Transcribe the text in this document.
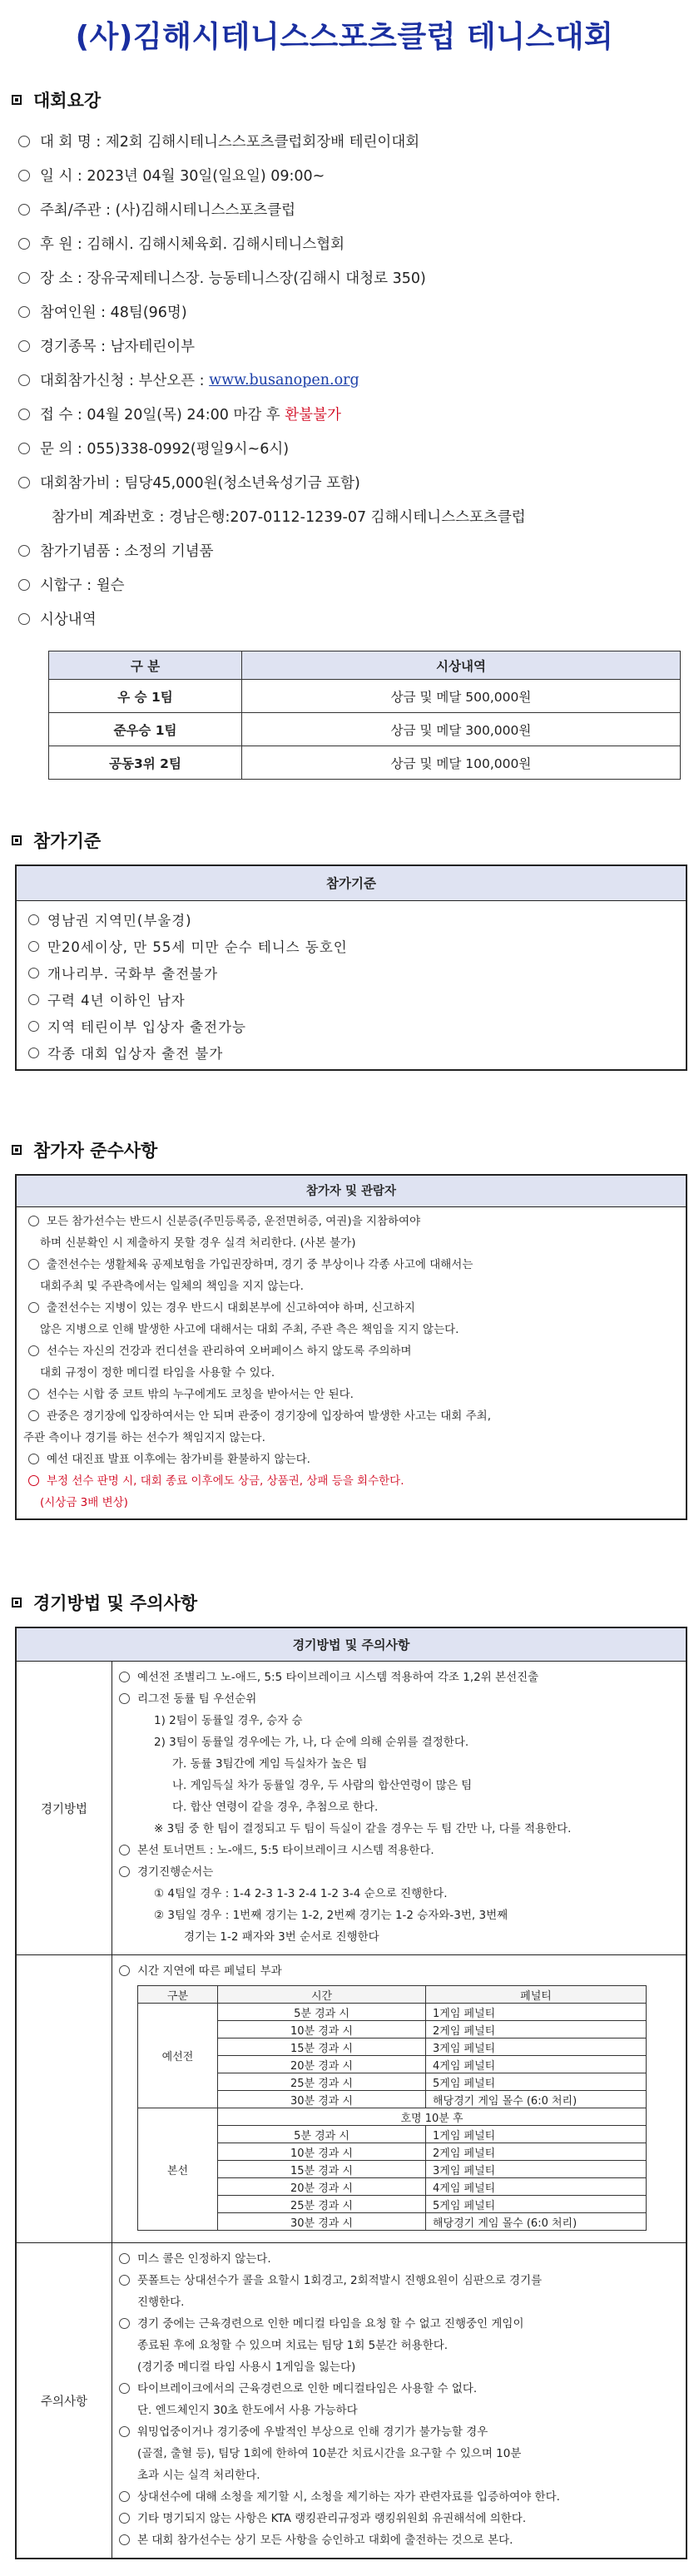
(사)김해시테니스스포츠클럽 테니스대회
대회요강
대 회 명 : 제2회 김해시테니스스포츠클럽회장배 테린이대회
일 시 : 2023년 04월 30일(일요일) 09:00~
주최/주관 : (사)김해시테니스스포츠클럽
후 원 : 김해시. 김해시체육회. 김해시테니스협회
장 소 : 장유국제테니스장. 능동테니스장(김해시 대청로 350)
참여인원 : 48팀(96명)
경기종목 : 남자테린이부
대회참가신청 : 부산오픈 : www.busanopen.org
접 수 : 04월 20일(목) 24:00 마감 후 환불불가
문 의 : 055)338-0992(평일9시~6시)
대회참가비 : 팀당45,000원(청소년육성기금 포함)
참가비 계좌번호 : 경남은행:207-0112-1239-07 김해시테니스스포츠클럽
참가기념품 : 소정의 기념품
시합구 : 윌슨
시상내역
구 분	시상내역
우 승 1팀	상금 및 메달 500,000원
준우승 1팀	상금 및 메달 300,000원
공동3위 2팀	상금 및 메달 100,000원
참가기준
참가기준
영남권 지역민(부울경)
만20세이상, 만 55세 미만 순수 테니스 동호인
개나리부. 국화부 출전불가
구력 4년 이하인 남자
지역 테린이부 입상자 출전가능
각종 대회 입상자 출전 불가
참가자 준수사항
참가자 및 관람자
모든 참가선수는 반드시 신분증(주민등록증, 운전면허증, 여권)을 지참하여야
하며 신분확인 시 제출하지 못할 경우 실격 처리한다. (사본 불가)
출전선수는 생활체육 공제보험을 가입권장하며, 경기 중 부상이나 각종 사고에 대해서는
대회주최 및 주관측에서는 일체의 책임을 지지 않는다.
출전선수는 지병이 있는 경우 반드시 대회본부에 신고하여야 하며, 신고하지
않은 지병으로 인해 발생한 사고에 대해서는 대회 주최, 주관 측은 책임을 지지 않는다.
선수는 자신의 건강과 컨디션을 관리하여 오버페이스 하지 않도록 주의하며
대회 규정이 정한 메디컬 타임을 사용할 수 있다.
선수는 시합 중 코트 밖의 누구에게도 코칭을 받아서는 안 된다.
관중은 경기장에 입장하여서는 안 되며 관중이 경기장에 입장하여 발생한 사고는 대회 주최,
주관 측이나 경기를 하는 선수가 책임지지 않는다.
예선 대진표 발표 이후에는 참가비를 환불하지 않는다.
부정 선수 판명 시, 대회 종료 이후에도 상금, 상품권, 상패 등을 회수한다.
(시상금 3배 변상)
경기방법 및 주의사항
경기방법 및 주의사항
경기방법
예선전 조별리그 노-애드, 5:5 타이브레이크 시스템 적용하여 각조 1,2위 본선진출
리그전 동률 팀 우선순위
1) 2팀이 동률일 경우, 승자 승
2) 3팀이 동률일 경우에는 가, 나, 다 순에 의해 순위를 결정한다.
가. 동률 3팀간에 게임 득실차가 높은 팀
나. 게임득실 차가 동률일 경우, 두 사람의 합산연령이 많은 팀
다. 합산 연령이 같을 경우, 추첨으로 한다.
※ 3팀 중 한 팀이 결정되고 두 팀이 득실이 같을 경우는 두 팀 간만 나, 다를 적용한다.
본선 토너먼트 : 노-애드, 5:5 타이브레이크 시스템 적용한다.
경기진행순서는
① 4팀일 경우 : 1-4 2-3 1-3 2-4 1-2 3-4 순으로 진행한다.
② 3팀일 경우 : 1번째 경기는 1-2, 2번째 경기는 1-2 승자와-3번, 3번째
경기는 1-2 패자와 3번 순서로 진행한다
시간 지연에 따른 페널티 부과
구분	시간	페널티
예선전	5분 경과 시	1게임 페널티
	10분 경과 시	2게임 페널티
	15분 경과 시	3게임 페널티
	20분 경과 시	4게임 페널티
	25분 경과 시	5게임 페널티
	30분 경과 시	해당경기 게임 몰수 (6:0 처리)
본선	호명 10분 후	
	5분 경과 시	1게임 페널티
	10분 경과 시	2게임 페널티
	15분 경과 시	3게임 페널티
	20분 경과 시	4게임 페널티
	25분 경과 시	5게임 페널티
	30분 경과 시	해당경기 게임 몰수 (6:0 처리)
주의사항
미스 콜은 인정하지 않는다.
풋폴트는 상대선수가 콜을 요할시 1회경고, 2회적발시 진행요원이 심판으로 경기를
진행한다.
경기 중에는 근육경련으로 인한 메디컬 타임을 요청 할 수 없고 진행중인 게임이
종료된 후에 요청할 수 있으며 치료는 팀당 1회 5분간 허용한다.
(경기중 메디컬 타임 사용시 1게임을 잃는다)
타이브레이크에서의 근육경련으로 인한 메디컬타임은 사용할 수 없다.
단. 엔드체인지 30초 한도에서 사용 가능하다
워밍업중이거나 경기중에 우발적인 부상으로 인해 경기가 불가능할 경우
(골절, 출혈 등), 팀당 1회에 한하여 10분간 치료시간을 요구할 수 있으며 10분
초과 시는 실격 처리한다.
상대선수에 대해 소청을 제기할 시, 소청을 제기하는 자가 관련자료를 입증하여야 한다.
기타 명기되지 않는 사항은 KTA 랭킹관리규정과 랭킹위원회 유권해석에 의한다.
본 대회 참가선수는 상기 모든 사항을 승인하고 대회에 출전하는 것으로 본다.
